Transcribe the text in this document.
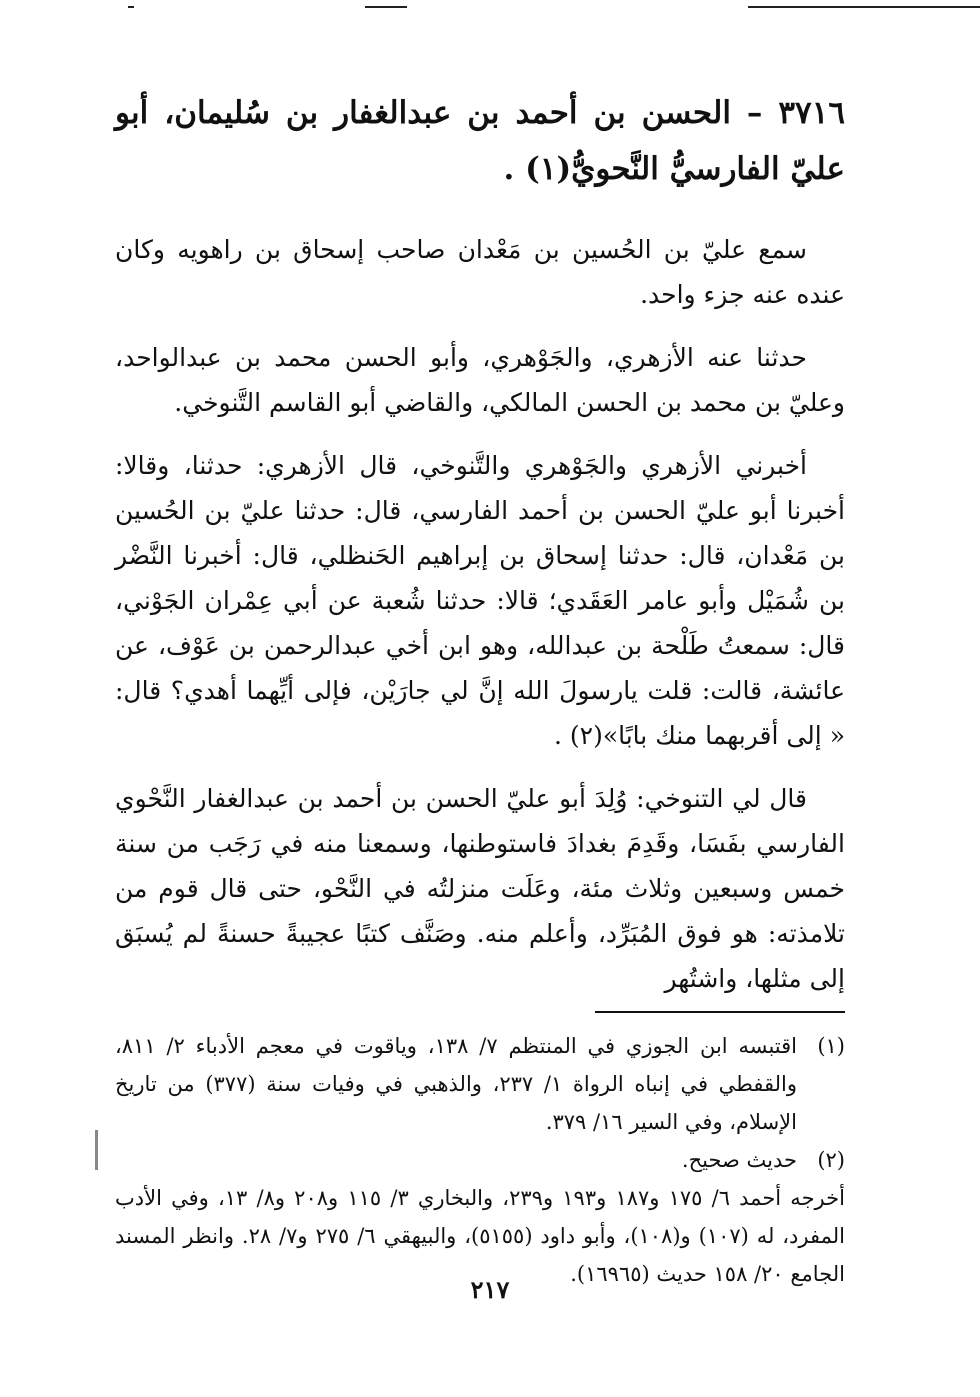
٣٧١٦ – الحسن بن أحمد بن عبدالغفار بن سُليمان، أبو عليّ الفارسيُّ النَّحويُّ(١) .

سمع عليّ بن الحُسين بن مَعْدان صاحب إسحاق بن راهويه وكان عنده عنه جزء واحد.

حدثنا عنه الأزهري، والجَوْهري، وأبو الحسن محمد بن عبدالواحد، وعليّ بن محمد بن الحسن المالكي، والقاضي أبو القاسم التَّنوخي.

أخبرني الأزهري والجَوْهري والتَّنوخي، قال الأزهري: حدثنا، وقالا: أخبرنا أبو عليّ الحسن بن أحمد الفارسي، قال: حدثنا عليّ بن الحُسين بن مَعْدان، قال: حدثنا إسحاق بن إبراهيم الحَنظلي، قال: أخبرنا النَّضْر بن شُمَيْل وأبو عامر العَقَدي؛ قالا: حدثنا شُعبة عن أبي عِمْران الجَوْني، قال: سمعتُ طَلْحة بن عبدالله، وهو ابن أخي عبدالرحمن بن عَوْف، عن عائشة، قالت: قلت يارسولَ الله إنَّ لي جارَيْن، فإلى أيِّهما أهدي؟ قال: « إلى أقربهما منك بابًا»(٢) .

قال لي التنوخي: وُلِدَ أبو عليّ الحسن بن أحمد بن عبدالغفار النَّحْوي الفارسي بفَسَا، وقَدِمَ بغدادَ فاستوطنها، وسمعنا منه في رَجَب من سنة خمس وسبعين وثلاث مئة، وعَلَت منزلتُه في النَّحْو، حتى قال قوم من تلامذته: هو فوق المُبَرِّد، وأعلم منه. وصَنَّف كتبًا عجيبةً حسنةً لم يُسبَق إلى مثلها، واشتُهر

(١)
اقتبسه ابن الجوزي في المنتظم ٧/ ١٣٨، وياقوت في معجم الأدباء ٢/ ٨١١، والقفطي في إنباه الرواة ١/ ٢٣٧، والذهبي في وفيات سنة (٣٧٧) من تاريخ الإسلام، وفي السير ١٦/ ٣٧٩.
(٢)
حديث صحيح.
أخرجه أحمد ٦/ ١٧٥ و١٨٧ و١٩٣ و٢٣٩، والبخاري ٣/ ١١٥ و٢٠٨ و٨/ ١٣، وفي الأدب المفرد، له (١٠٧) و(١٠٨)، وأبو داود (٥١٥٥)، والبيهقي ٦/ ٢٧٥ و٧/ ٢٨. وانظر المسند الجامع ٢٠/ ١٥٨ حديث (١٦٩٦٥).
٢١٧
